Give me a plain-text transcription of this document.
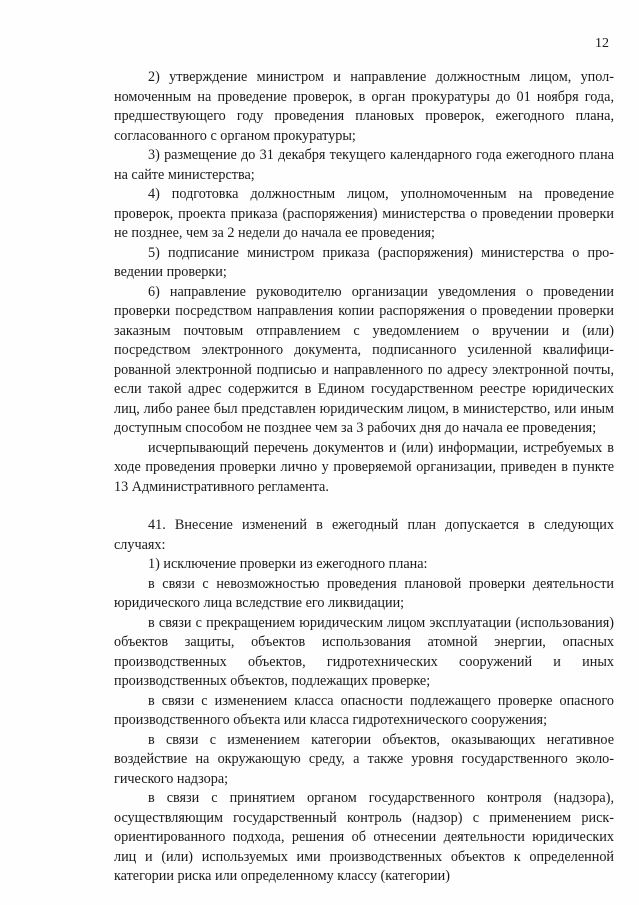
12

2) утверждение министром и направление должностным лицом, уполномоченным на проведение проверок, в орган прокуратуры до 01 ноября года, предшествующего году проведения плановых проверок, ежегодного плана, согласованного с органом прокуратуры;

3) размещение до 31 декабря текущего календарного года ежегодного плана на сайте министерства;

4) подготовка должностным лицом, уполномоченным на проведение проверок, проекта приказа (распоряжения) министерства о проведении проверки не позднее, чем за 2 недели до начала ее проведения;

5) подписание министром приказа (распоряжения) министерства о проведении проверки;

6) направление руководителю организации уведомления о проведении проверки посредством направления копии распоряжения о проведении проверки заказным почтовым отправлением с уведомлением о вручении и (или) посредством электронного документа, подписанного усиленной квалифицированной электронной подписью и направленного по адресу электронной почты, если такой адрес содержится в Едином государственном реестре юридических лиц, либо ранее был представлен юридическим лицом, в министерство, или иным доступным способом не позднее чем за 3 рабочих дня до начала ее проведения;

исчерпывающий перечень документов и (или) информации, истребуемых в ходе проведения проверки лично у проверяемой организации, приведен в пункте 13 Административного регламента.

41. Внесение изменений в ежегодный план допускается в следующих случаях:

1) исключение проверки из ежегодного плана:

в связи с невозможностью проведения плановой проверки деятельности юридического лица вследствие его ликвидации;

в связи с прекращением юридическим лицом эксплуатации (использования) объектов защиты, объектов использования атомной энергии, опасных производственных объектов, гидротехнических сооружений и иных производственных объектов, подлежащих проверке;

в связи с изменением класса опасности подлежащего проверке опасного производственного объекта или класса гидротехнического сооружения;

в связи с изменением категории объектов, оказывающих негативное воздействие на окружающую среду, а также уровня государственного экологического надзора;

в связи с принятием органом государственного контроля (надзора), осуществляющим государственный контроль (надзор) с применением риск-ориентированного подхода, решения об отнесении деятельности юридических лиц и (или) используемых ими производственных объектов к определенной категории риска или определенному классу (категории)
